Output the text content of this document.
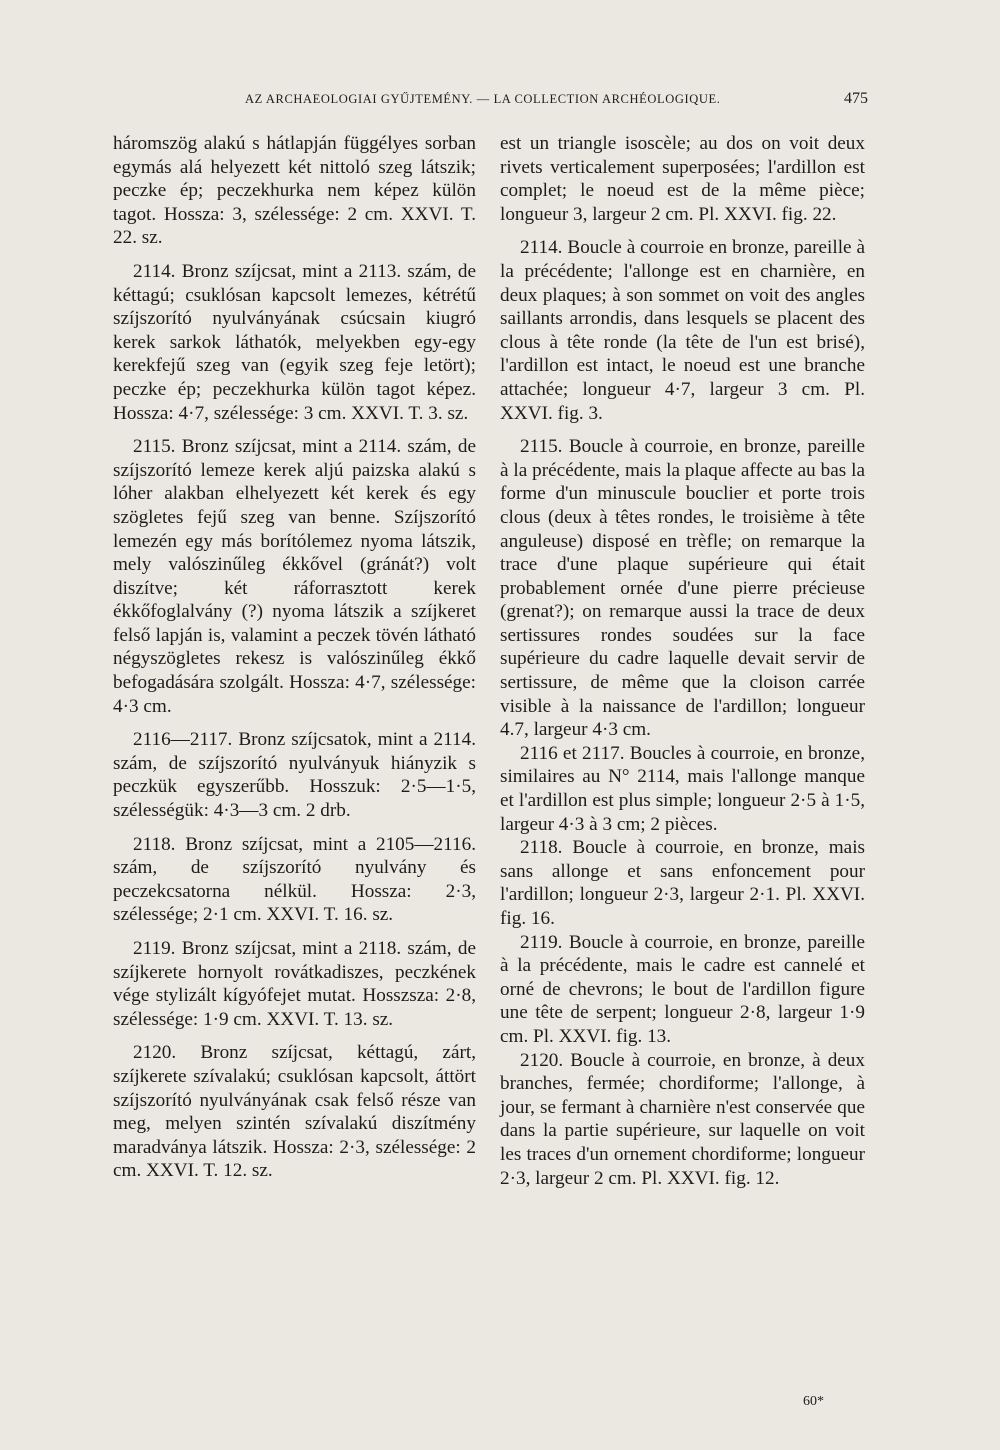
AZ ARCHAEOLOGIAI GYŰJTEMÉNY. — LA COLLECTION ARCHÉOLOGIQUE.	475

háromszög alakú s hátlapján függélyes sorban egymás alá helyezett két nittoló szeg látszik; peczke ép; peczekhurka nem képez külön tagot. Hossza: 3, szélessége: 2 cm. XXVI. T. 22. sz.

2114. Bronz szíjcsat, mint a 2113. szám, de kéttagú; csuklósan kapcsolt lemezes, kétrétű szíjszorító nyulványának csúcsain kiugró kerek sarkok láthatók, melyekben egy-egy kerekfejű szeg van (egyik szeg feje letört); peczke ép; peczekhurka külön tagot képez. Hossza: 4·7, szélessége: 3 cm. XXVI. T. 3. sz.

2115. Bronz szíjcsat, mint a 2114. szám, de szíjszorító lemeze kerek aljú paizska alakú s lóher alakban elhelyezett két kerek és egy szögletes fejű szeg van benne. Szíjszorító lemezén egy más borítólemez nyoma látszik, mely valószinűleg ékkővel (gránát?) volt diszítve; két ráforrasztott kerek ékkőfoglalvány (?) nyoma látszik a szíjkeret felső lapján is, valamint a peczek tövén látható négyszögletes rekesz is valószinűleg ékkő befogadására szolgált. Hossza: 4·7, szélessége: 4·3 cm.

2116—2117. Bronz szíjcsatok, mint a 2114. szám, de szíjszorító nyulványuk hiányzik s peczkük egyszerűbb. Hosszuk: 2·5—1·5, szélességük: 4·3—3 cm. 2 drb.

2118. Bronz szíjcsat, mint a 2105—2116. szám, de szíjszorító nyulvány és peczekcsatorna nélkül. Hossza: 2·3, szélessége; 2·1 cm. XXVI. T. 16. sz.

2119. Bronz szíjcsat, mint a 2118. szám, de szíjkerete hornyolt rovátkadiszes, peczkének vége stylizált kígyófejet mutat. Hosszsza: 2·8, szélessége: 1·9 cm. XXVI. T. 13. sz.

2120. Bronz szíjcsat, kéttagú, zárt, szíjkerete szívalakú; csuklósan kapcsolt, áttört szíjszorító nyulványának csak felső része van meg, melyen szintén szívalakú diszítmény maradványa látszik. Hossza: 2·3, szélessége: 2 cm. XXVI. T. 12. sz.

est un triangle isoscèle; au dos on voit deux rivets verticalement superposées; l'ardillon est complet; le noeud est de la même pièce; longueur 3, largeur 2 cm. Pl. XXVI. fig. 22.

2114. Boucle à courroie en bronze, pareille à la précédente; l'allonge est en charnière, en deux plaques; à son sommet on voit des angles saillants arrondis, dans lesquels se placent des clous à tête ronde (la tête de l'un est brisé), l'ardillon est intact, le noeud est une branche attachée; longueur 4·7, largeur 3 cm. Pl. XXVI. fig. 3.

2115. Boucle à courroie, en bronze, pareille à la précédente, mais la plaque affecte au bas la forme d'un minuscule bouclier et porte trois clous (deux à têtes rondes, le troisième à tête anguleuse) disposé en trèfle; on remarque la trace d'une plaque supérieure qui était probablement ornée d'une pierre précieuse (grenat?); on remarque aussi la trace de deux sertissures rondes soudées sur la face supérieure du cadre laquelle devait servir de sertissure, de même que la cloison carrée visible à la naissance de l'ardillon; longueur 4.7, largeur 4·3 cm.

2116 et 2117. Boucles à courroie, en bronze, similaires au N° 2114, mais l'allonge manque et l'ardillon est plus simple; longueur 2·5 à 1·5, largeur 4·3 à 3 cm; 2 pièces.

2118. Boucle à courroie, en bronze, mais sans allonge et sans enfoncement pour l'ardillon; longueur 2·3, largeur 2·1. Pl. XXVI. fig. 16.

2119. Boucle à courroie, en bronze, pareille à la précédente, mais le cadre est cannelé et orné de chevrons; le bout de l'ardillon figure une tête de serpent; longueur 2·8, largeur 1·9 cm. Pl. XXVI. fig. 13.

2120. Boucle à courroie, en bronze, à deux branches, fermée; chordiforme; l'allonge, à jour, se fermant à charnière n'est conservée que dans la partie supérieure, sur laquelle on voit les traces d'un ornement chordiforme; longueur 2·3, largeur 2 cm. Pl. XXVI. fig. 12.

60*
